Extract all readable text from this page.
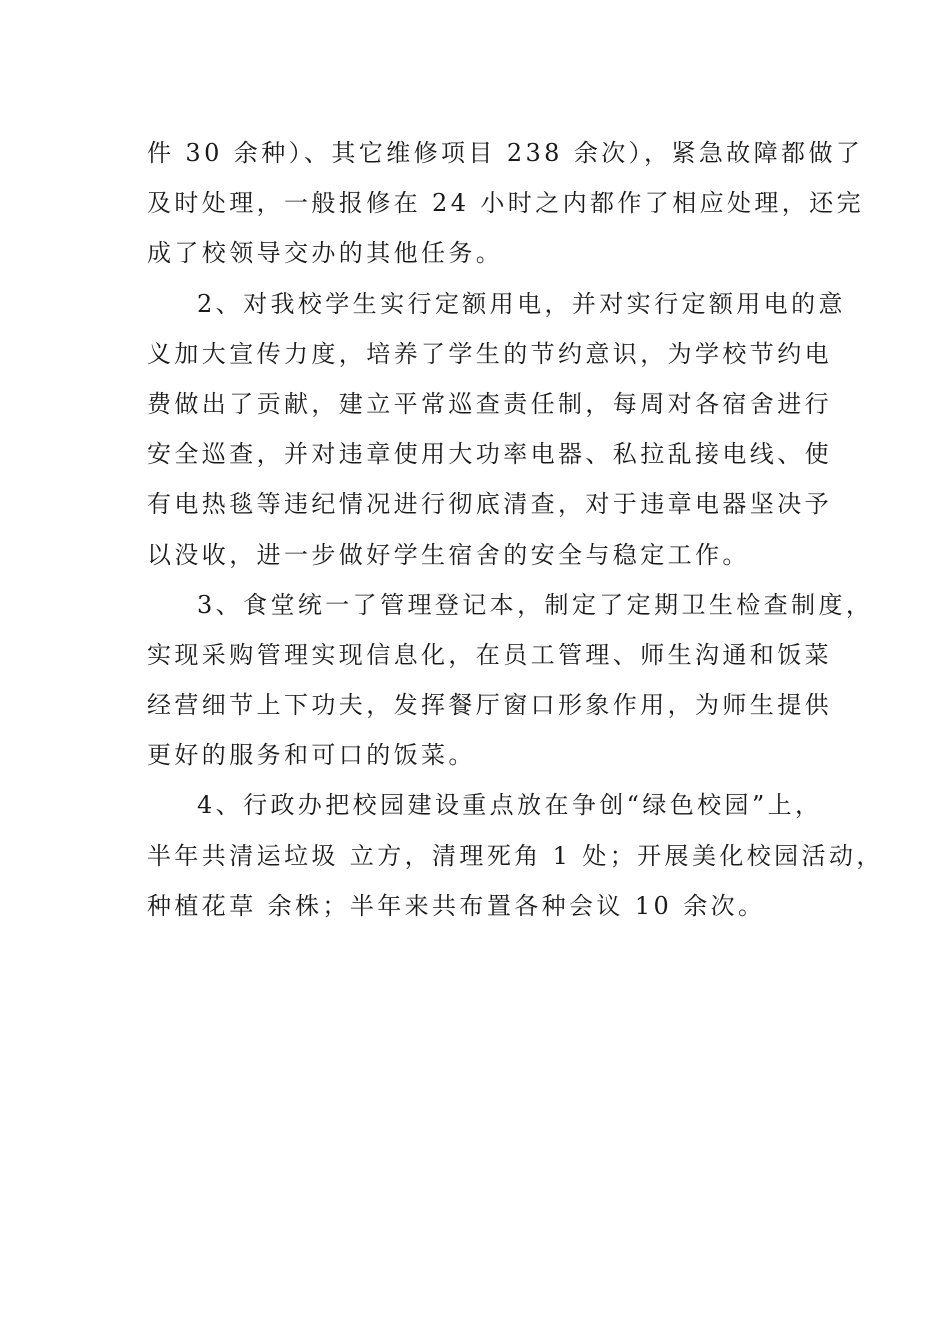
件 30 余种）、其它维修项目 238 余次），紧急故障都做了
及时处理，一般报修在 24 小时之内都作了相应处理，还完
成了校领导交办的其他任务。
2、对我校学生实行定额用电，并对实行定额用电的意
义加大宣传力度，培养了学生的节约意识，为学校节约电
费做出了贡献，建立平常巡查责任制，每周对各宿舍进行
安全巡查，并对违章使用大功率电器、私拉乱接电线、使
有电热毯等违纪情况进行彻底清查，对于违章电器坚决予
以没收，进一步做好学生宿舍的安全与稳定工作。
3、食堂统一了管理登记本，制定了定期卫生检查制度，
实现采购管理实现信息化，在员工管理、师生沟通和饭菜
经营细节上下功夫，发挥餐厅窗口形象作用，为师生提供
更好的服务和可口的饭菜。
4、行政办把校园建设重点放在争创“绿色校园”上，
半年共清运垃圾 立方，清理死角 1 处；开展美化校园活动，
种植花草 余株；半年来共布置各种会议 10 余次。
